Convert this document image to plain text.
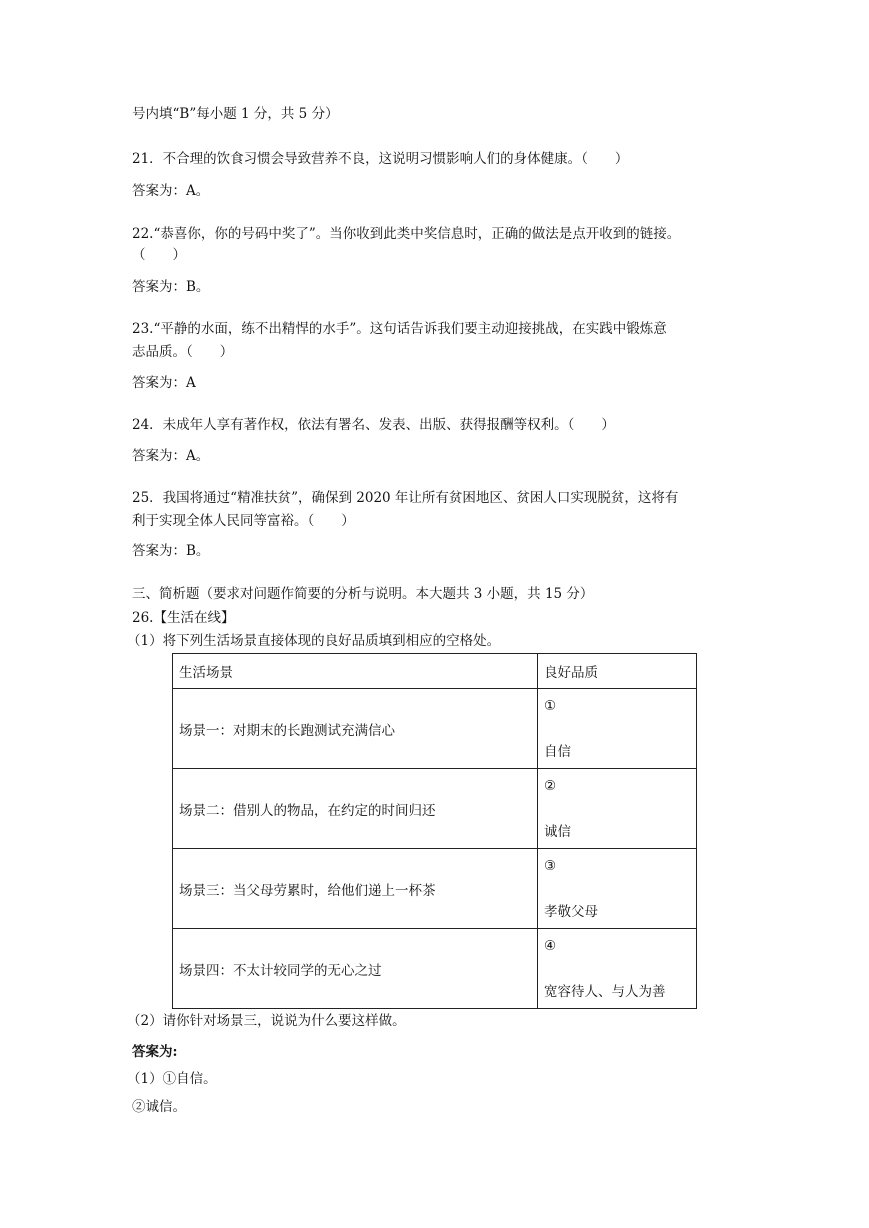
号内填“B”每小题 1 分，共 5 分）
21．不合理的饮食习惯会导致营养不良，这说明习惯影响人们的身体健康。（　　）
答案为：A。
22.“恭喜你，你的号码中奖了”。当你收到此类中奖信息时，正确的做法是点开收到的链接。
（　　）
答案为：B。
23.“平静的水面，练不出精悍的水手”。这句话告诉我们要主动迎接挑战，在实践中锻炼意
志品质。（　　）
答案为：A
24．未成年人享有著作权，依法有署名、发表、出版、获得报酬等权利。（　　）
答案为：A。
25．我国将通过“精准扶贫”，确保到 2020 年让所有贫困地区、贫困人口实现脱贫，这将有
利于实现全体人民同等富裕。（　　）
答案为：B。
三、简析题（要求对问题作简要的分析与说明。本大题共 3 小题，共 15 分）
26.【生活在线】
（1）将下列生活场景直接体现的良好品质填到相应的空格处。
生活场景	良好品质
场景一：对期末的长跑测试充满信心	①
自信

场景二：借别人的物品，在约定的时间归还	②
诚信

场景三：当父母劳累时，给他们递上一杯茶	③
孝敬父母

场景四：不太计较同学的无心之过	④
宽容待人、与人为善
（2）请你针对场景三，说说为什么要这样做。
答案为:
（1）①自信。
②诚信。
